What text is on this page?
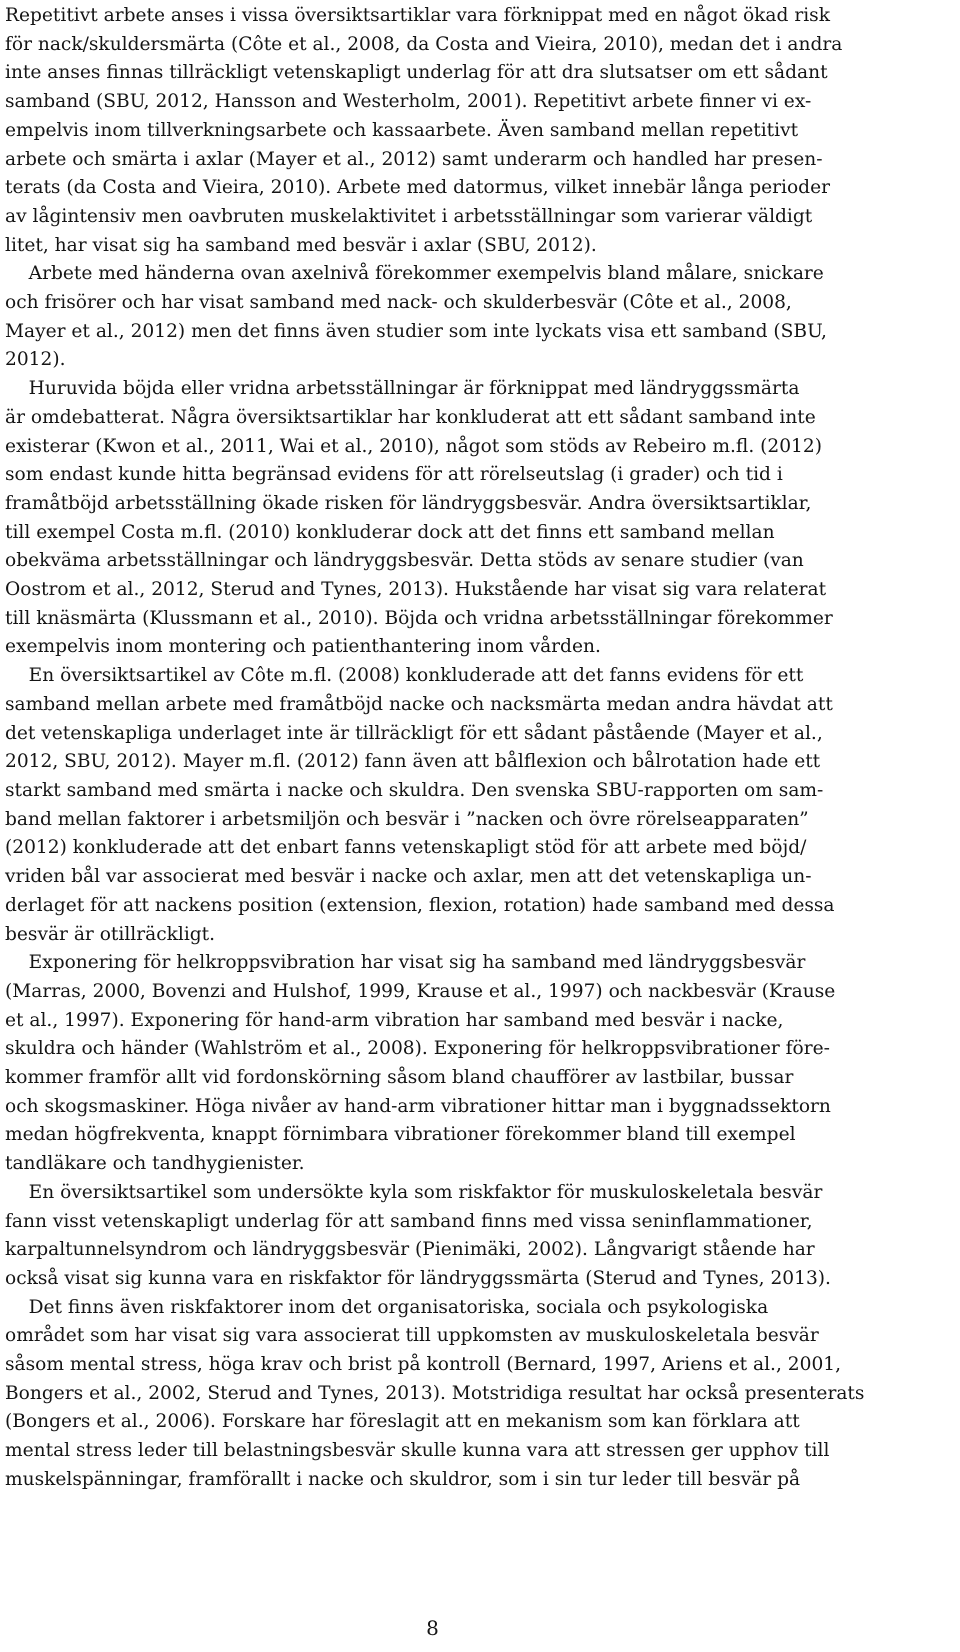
Repetitivt arbete anses i vissa översiktsartiklar vara förknippat med en något ökad risk
för nack/skuldersmärta (Côte et al., 2008, da Costa and Vieira, 2010), medan det i andra
inte anses finnas tillräckligt vetenskapligt underlag för att dra slutsatser om ett sådant
samband (SBU, 2012, Hansson and Westerholm, 2001). Repetitivt arbete finner vi ex-
empelvis inom tillverkningsarbete och kassaarbete. Även samband mellan repetitivt
arbete och smärta i axlar (Mayer et al., 2012) samt underarm och handled har presen-
terats (da Costa and Vieira, 2010). Arbete med datormus, vilket innebär långa perioder
av lågintensiv men oavbruten muskelaktivitet i arbetsställningar som varierar väldigt
litet, har visat sig ha samband med besvär i axlar (SBU, 2012).

Arbete med händerna ovan axelnivå förekommer exempelvis bland målare, snickare
och frisörer och har visat samband med nack- och skulderbesvär (Côte et al., 2008,
Mayer et al., 2012) men det finns även studier som inte lyckats visa ett samband (SBU,
2012).

Huruvida böjda eller vridna arbetsställningar är förknippat med ländryggssmärta
är omdebatterat. Några översiktsartiklar har konkluderat att ett sådant samband inte
existerar (Kwon et al., 2011, Wai et al., 2010), något som stöds av Rebeiro m.fl. (2012)
som endast kunde hitta begränsad evidens för att rörelseutslag (i grader) och tid i
framåtböjd arbetsställning ökade risken för ländryggsbesvär. Andra översiktsartiklar,
till exempel Costa m.fl. (2010) konkluderar dock att det finns ett samband mellan
obekväma arbetsställningar och ländryggsbesvär. Detta stöds av senare studier (van
Oostrom et al., 2012, Sterud and Tynes, 2013). Hukstående har visat sig vara relaterat
till knäsmärta (Klussmann et al., 2010). Böjda och vridna arbetsställningar förekommer
exempelvis inom montering och patienthantering inom vården.

En översiktsartikel av Côte m.fl. (2008) konkluderade att det fanns evidens för ett
samband mellan arbete med framåtböjd nacke och nacksmärta medan andra hävdat att
det vetenskapliga underlaget inte är tillräckligt för ett sådant påstående (Mayer et al.,
2012, SBU, 2012). Mayer m.fl. (2012) fann även att bålflexion och bålrotation hade ett
starkt samband med smärta i nacke och skuldra. Den svenska SBU-rapporten om sam-
band mellan faktorer i arbetsmiljön och besvär i ”nacken och övre rörelseapparaten”
(2012) konkluderade att det enbart fanns vetenskapligt stöd för att arbete med böjd/
vriden bål var associerat med besvär i nacke och axlar, men att det vetenskapliga un-
derlaget för att nackens position (extension, flexion, rotation) hade samband med dessa
besvär är otillräckligt.

Exponering för helkroppsvibration har visat sig ha samband med ländryggsbesvär
(Marras, 2000, Bovenzi and Hulshof, 1999, Krause et al., 1997) och nackbesvär (Krause
et al., 1997). Exponering för hand-arm vibration har samband med besvär i nacke,
skuldra och händer (Wahlström et al., 2008). Exponering för helkroppsvibrationer före-
kommer framför allt vid fordonskörning såsom bland chaufförer av lastbilar, bussar
och skogsmaskiner. Höga nivåer av hand-arm vibrationer hittar man i byggnadssektorn
medan högfrekventa, knappt förnimbara vibrationer förekommer bland till exempel
tandläkare och tandhygienister.

En översiktsartikel som undersökte kyla som riskfaktor för muskuloskeletala besvär
fann visst vetenskapligt underlag för att samband finns med vissa seninflammationer,
karpaltunnelsyndrom och ländryggsbesvär (Pienimäki, 2002). Långvarigt stående har
också visat sig kunna vara en riskfaktor för ländryggssmärta (Sterud and Tynes, 2013).

Det finns även riskfaktorer inom det organisatoriska, sociala och psykologiska
området som har visat sig vara associerat till uppkomsten av muskuloskeletala besvär
såsom mental stress, höga krav och brist på kontroll (Bernard, 1997, Ariens et al., 2001,
Bongers et al., 2002, Sterud and Tynes, 2013). Motstridiga resultat har också presenterats
(Bongers et al., 2006). Forskare har föreslagit att en mekanism som kan förklara att
mental stress leder till belastningsbesvär skulle kunna vara att stressen ger upphov till
muskelspänningar, framförallt i nacke och skuldror, som i sin tur leder till besvär på

8
